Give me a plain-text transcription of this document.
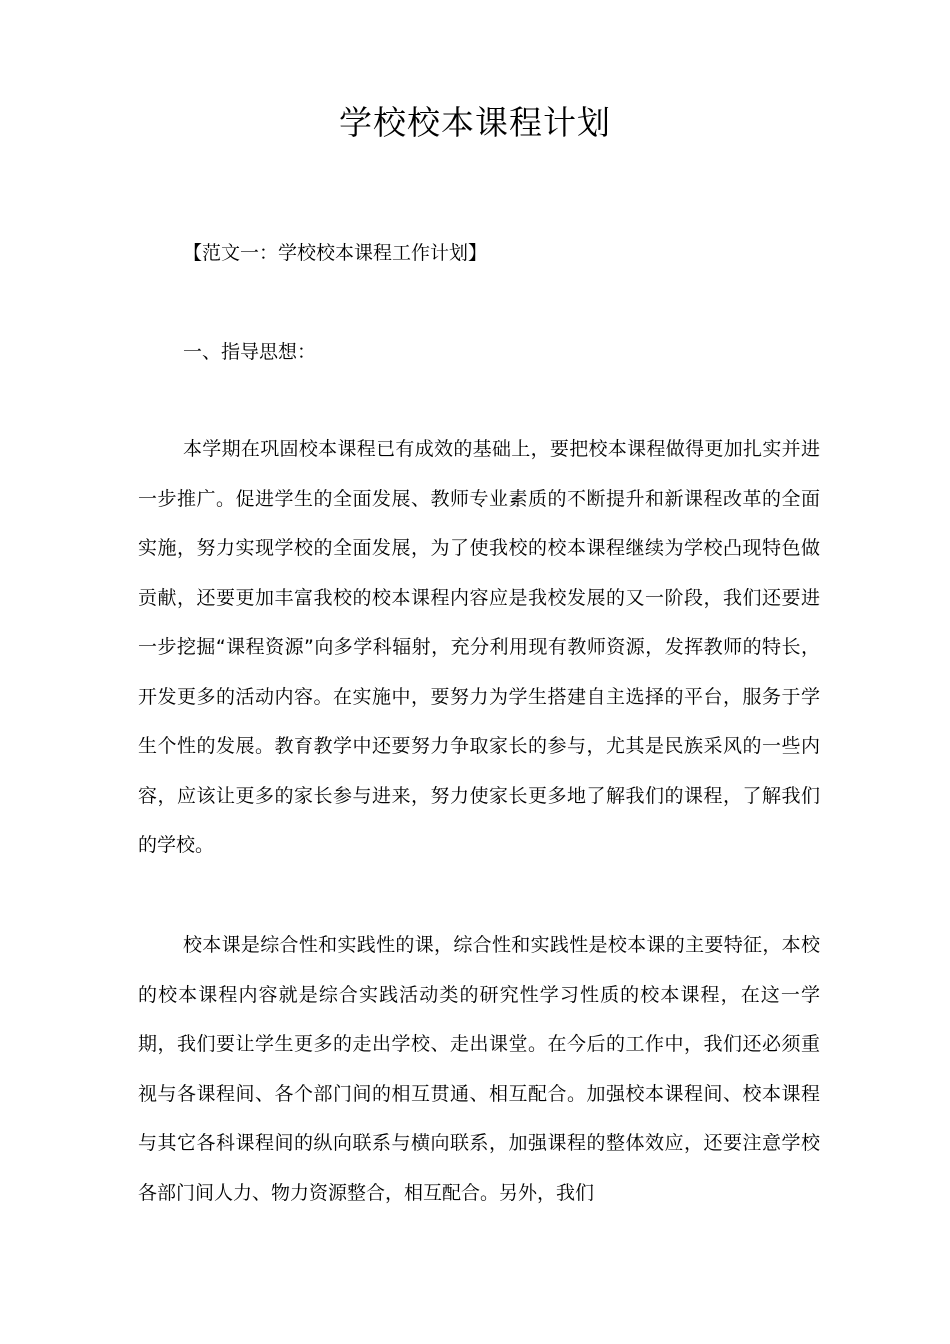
学校校本课程计划
【范文一：学校校本课程工作计划】
一、指导思想：

本学期在巩固校本课程已有成效的基础上，要把校本课程做得更加扎实并进一步推广。促进学生的全面发展、教师专业素质的不断提升和新课程改革的全面实施，努力实现学校的全面发展，为了使我校的校本课程继续为学校凸现特色做贡献，还要更加丰富我校的校本课程内容应是我校发展的又一阶段，我们还要进一步挖掘“课程资源”向多学科辐射，充分利用现有教师资源，发挥教师的特长，开发更多的活动内容。在实施中，要努力为学生搭建自主选择的平台，服务于学生个性的发展。教育教学中还要努力争取家长的参与，尤其是民族采风的一些内容，应该让更多的家长参与进来，努力使家长更多地了解我们的课程，了解我们的学校。

校本课是综合性和实践性的课，综合性和实践性是校本课的主要特征，本校的校本课程内容就是综合实践活动类的研究性学习性质的校本课程，在这一学期，我们要让学生更多的走出学校、走出课堂。在今后的工作中，我们还必须重视与各课程间、各个部门间的相互贯通、相互配合。加强校本课程间、校本课程与其它各科课程间的纵向联系与横向联系，加强课程的整体效应，还要注意学校各部门间人力、物力资源整合，相互配合。另外，我们
